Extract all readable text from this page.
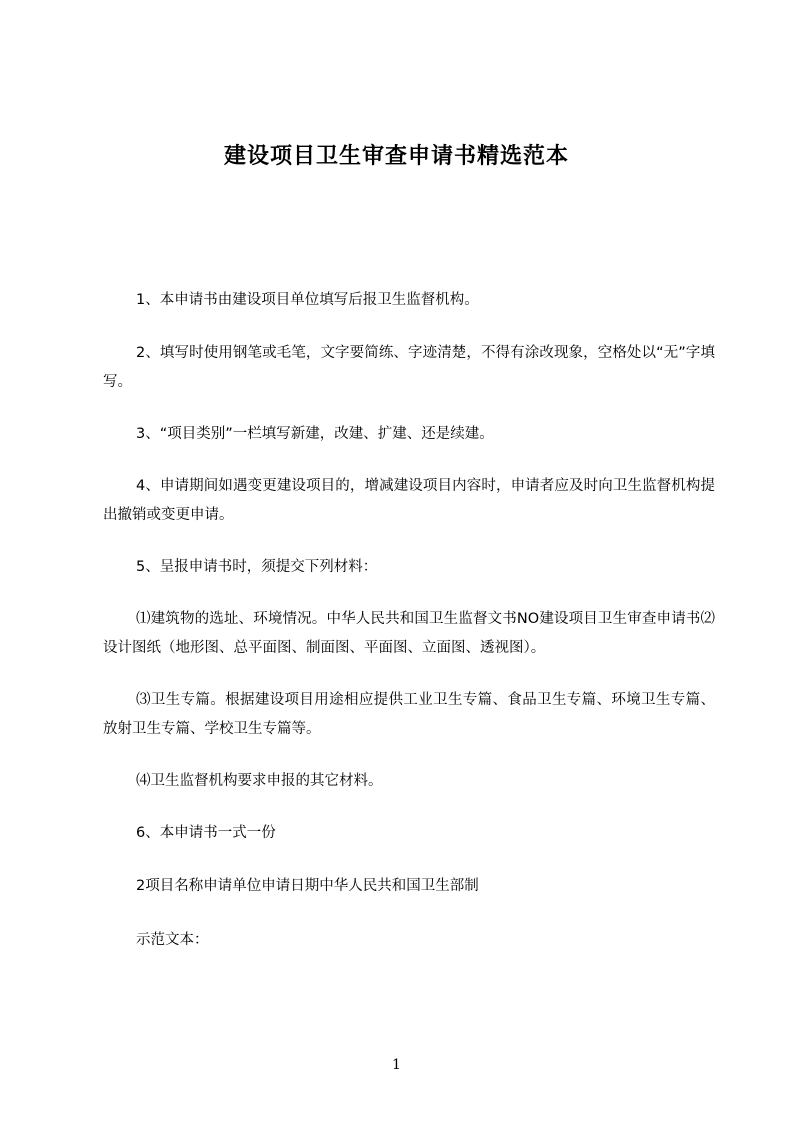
建设项目卫生审查申请书精选范本

1、本申请书由建设项目单位填写后报卫生监督机构。

2、填写时使用钢笔或毛笔，文字要简练、字迹清楚，不得有涂改现象，空格处以“无”字填写。

3、“项目类别”一栏填写新建，改建、扩建、还是续建。

4、申请期间如遇变更建设项目的，增减建设项目内容时，申请者应及时向卫生监督机构提出撤销或变更申请。

5、呈报申请书时，须提交下列材料：

⑴建筑物的选址、环境情况。中华人民共和国卫生监督文书NO建设项目卫生审查申请书⑵设计图纸（地形图、总平面图、制面图、平面图、立面图、透视图）。

⑶卫生专篇。根据建设项目用途相应提供工业卫生专篇、食品卫生专篇、环境卫生专篇、放射卫生专篇、学校卫生专篇等。

⑷卫生监督机构要求申报的其它材料。

6、本申请书一式一份

2项目名称申请单位申请日期中华人民共和国卫生部制

示范文本：

1
